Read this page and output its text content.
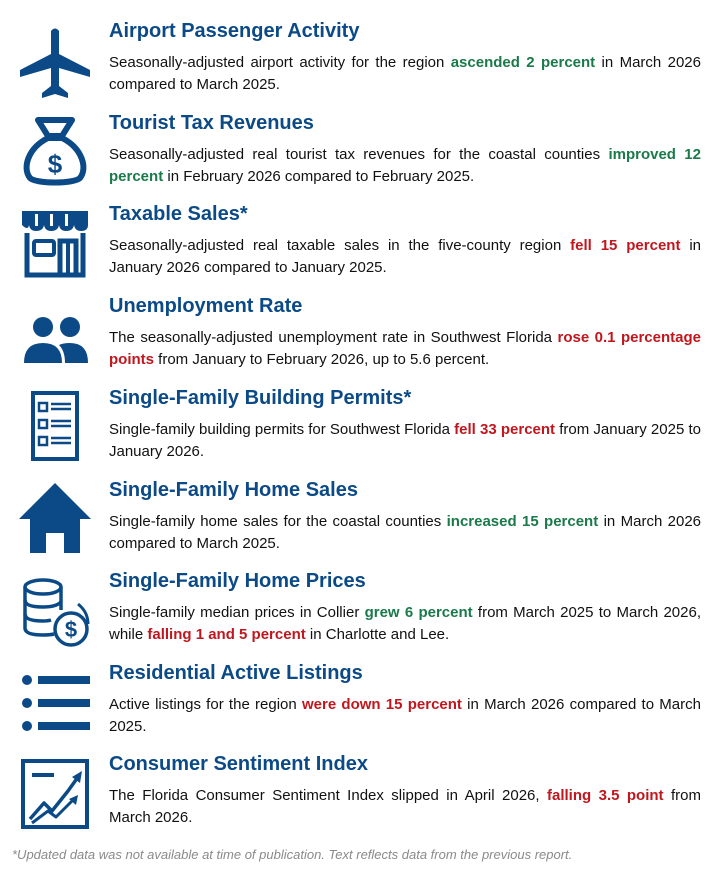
Airport Passenger Activity

Seasonally-adjusted airport activity for the region ascended 2 percent in March 2026 compared to March 2025.

$
Tourist Tax Revenues

Seasonally-adjusted real tourist tax revenues for the coastal counties improved 12 percent in February 2026 compared to February 2025.

Taxable Sales*

Seasonally-adjusted real taxable sales in the five-county region fell 15 percent in January 2026 compared to January 2025.

Unemployment Rate

The seasonally-adjusted unemployment rate in Southwest Florida rose 0.1 percentage points from January to February 2026, up to 5.6 percent.

Single-Family Building Permits*

Single-family building permits for Southwest Florida fell 33 percent from January 2025 to January 2026.

Single-Family Home Sales

Single-family home sales for the coastal counties increased 15 percent in March 2026 compared to March 2025.

$
Single-Family Home Prices

Single-family median prices in Collier grew 6 percent from March 2025 to March 2026, while falling 1 and 5 percent in Charlotte and Lee.

Residential Active Listings

Active listings for the region were down 15 percent in March 2026 compared to March 2025.

Consumer Sentiment Index

The Florida Consumer Sentiment Index slipped in April 2026, falling 3.5 point from March 2026.

*Updated data was not available at time of publication. Text reflects data from the previous report.
